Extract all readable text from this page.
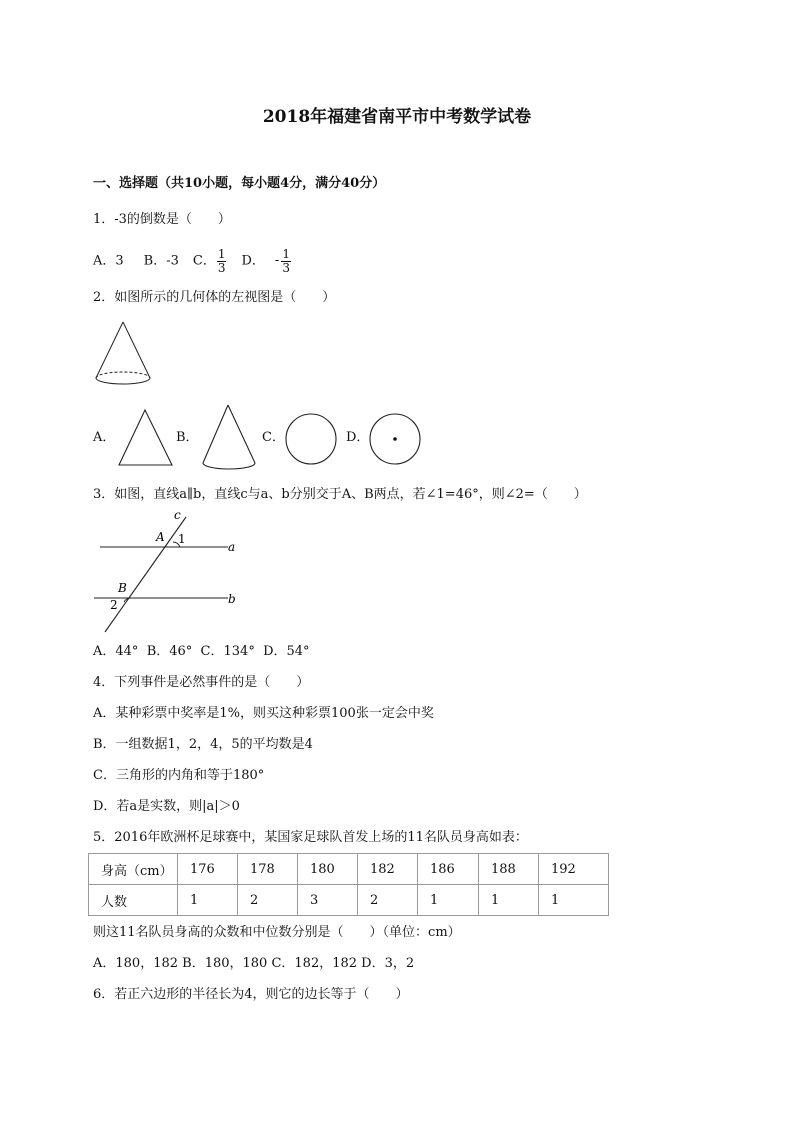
2018年福建省南平市中考数学试卷
一、选择题（共10小题，每小题4分，满分40分）
1．-3的倒数是（　　）
A．3 B．-3 C． $\frac{1}{3}$ D． - $\frac{1}{3}$
2．如图所示的几何体的左视图是（　　）
A．	B．	C．	D．
3．如图，直线a∥b，直线c与a、b分别交于A、B两点，若∠1=46°，则∠2=（　　）
c
A 1
a
B
2	b
A．44°  B．46°  C．134°  D．54°
4．下列事件是必然事件的是（　　）
A．某种彩票中奖率是1%，则买这种彩票100张一定会中奖
B．一组数据1，2，4，5的平均数是4
C．三角形的内角和等于180°
D．若a是实数，则|a|＞0
5．2016年欧洲杯足球赛中，某国家足球队首发上场的11名队员身高如表：
身高（cm）	176	178	180	182	186	188	192
人数	1	2	3	2	1	1	1
则这11名队员身高的众数和中位数分别是（　　）（单位：cm）
A．180，182 B．180，180 C．182，182 D．3，2
6．若正六边形的半径长为4，则它的边长等于（　　）
